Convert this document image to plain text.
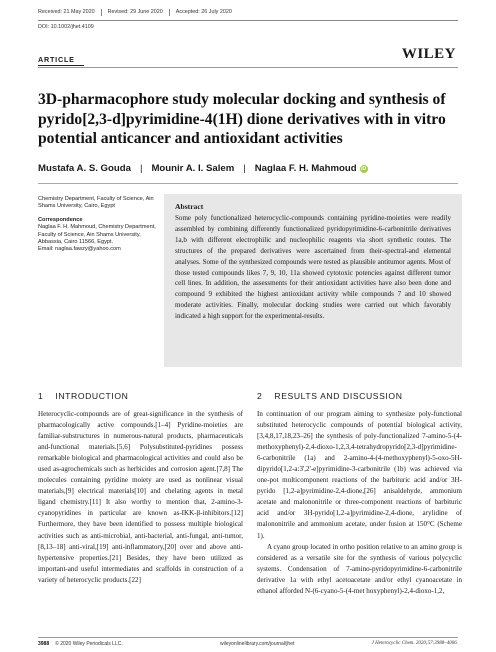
Received: 21 May 2020 Revised: 29 June 2020 Accepted: 26 July 2020
DOI: 10.1002/jhet.4109
ARTICLE	WILEY
3D-pharmacophore study molecular docking and synthesis of pyrido[2,3-d]pyrimidine-4(1H) dione derivatives with in vitro potential anticancer and antioxidant activities
Mustafa A. S. Gouda | Mounir A. I. Salem | Naglaa F. H. Mahmoud iD
Chemistry Department, Faculty of Science, Ain Shams University, Cairo, Egypt
Correspondence
Naglaa F. H. Mahmoud, Chemistry Department, Faculty of Science, Ain Shams University, Abbassia, Cairo 11566, Egypt.
Email: naglaa.fawzy@yahoo.com
Abstract

Some poly functionalized heterocyclic-compounds containing pyridine-moieties were readily assembled by combining differently functionalized pyridopyrimidine-6-carbonitrile derivatives 1a,b with different electrophilic and nucleophilic reagents via short synthetic routes. The structures of the prepared derivatives were ascertained from their-spectral-and elemental analyses. Some of the synthesized compounds were tested as plausible antitumor agents. Most of those tested compounds likes 7, 9, 10, 11a showed cytotoxic potencies against different tumor cell lines. In addition, the assessments for their antioxidant activities have also been done and compound 9 exhibited the highest antioxidant activity while compounds 7 and 10 showed moderate activities. Finally, molecular docking studies were carried out which favorably indicated a high support for the experimental-results.

1 INTRODUCTION	2 RESULTS AND DISCUSSION

Heterocyclic-compounds are of great-significance in the synthesis of pharmacologically active compounds.[1–4] Pyridine-moieties are familiar-substructures in numerous-natural products, pharmaceuticals and-functional materials.[5,6] Polysubstituted-pyridines possess remarkable biological and pharmacological activities and could also be used as-agrochemicals such as herbicides and corrosion agent.[7,8] The molecules containing pyridine moiety are used as nonlinear visual materials,[9] electrical materials[10] and chelating agents in metal ligand chemistry.[11] It also worthy to mention that, 2-amino-3-cyanopyridines in particular are known as-IKK-β-inhibitors.[12] Furthermore, they have been identified to possess multiple biological activities such as anti-microbial, anti-bacterial, anti-fungal, anti-tumor,[8,13–18] anti-viral,[19] anti-inflammatory,[20] over and above anti-hypertensive properties.[21] Besides, they have been utilized as important-and useful intermediates and scaffolds in construction of a variety of heterocyclic products.[22]

In continuation of our program aiming to synthesize poly-functional substituted heterocyclic compounds of potential biological activity,[3,4,8,17,18,23–26] the synthesis of poly-functionalized 7-amino-5-(4-methoxyphenyl)-2,4-dioxo-1,2,3,4-tetrahydropyrido[2,3-d]pyrimidine-6-carbonitrile (1a) and 2-amino-4-(4-methoxyphenyl)-5-oxo-5H-dipyrido[1,2-a:3',2'-e]pyrimidine-3-carbonitrile (1b) was achieved via one-pot multicomponent reactions of the barbituric acid and/or 3H-pyrido [1,2-a]pyrimidine-2,4-dione,[26] anisaldehyde, ammonium acetate and malononitrile or three-component reactions of barbituric acid and/or 3H-pyrido[1,2-a]pyrimidine-2,4-dione, arylidine of malononitrile and ammonium acetate, under fusion at 150°C (Scheme 1).

A cyano group located in ortho position relative to an amino group is considered as a versatile site for the synthesis of various polycyclic systems. Condensation of 7-amino-pyridopyrimidine-6-carbonitrile derivative 1a with ethyl acetoacetate and/or ethyl cyanoacetate in ethanol afforded N-(6-cyano-5-(4-met hoxyphenyl)-2,4-dioxo-1,2,

3988 © 2020 Wiley Periodicals LLC.	wileyonlinelibrary.com/journal/jhet	J Heterocyclic Chem. 2020;57:3988–4006.
